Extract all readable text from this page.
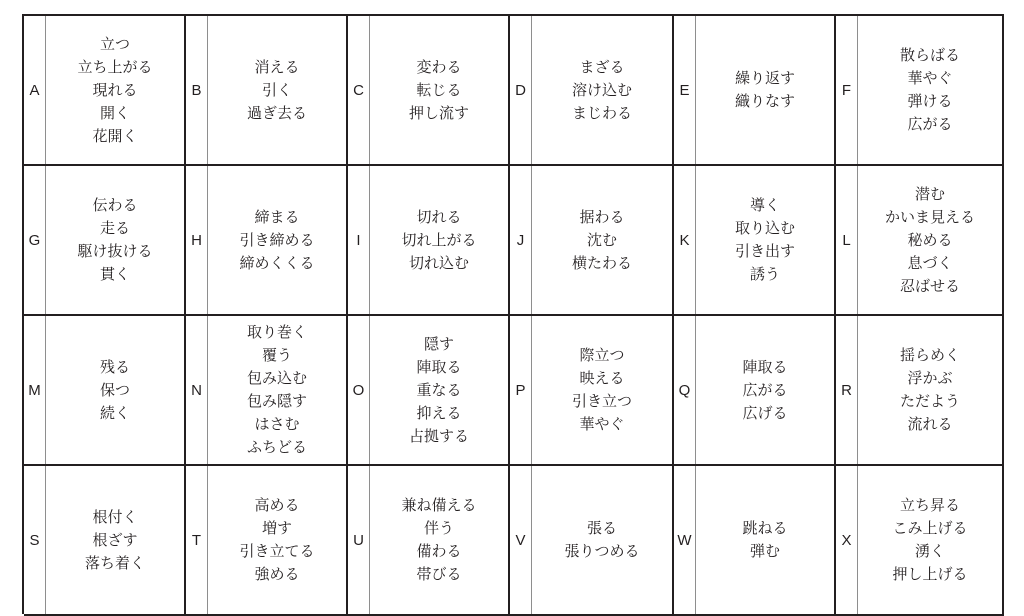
A
立つ
立ち上がる
現れる
開く
花開く
B
消える
引く
過ぎ去る
C
変わる
転じる
押し流す
D
まざる
溶け込む
まじわる
E
繰り返す
織りなす
F
散らばる
華やぐ
弾ける
広がる
G
伝わる
走る
駆け抜ける
貫く
H
締まる
引き締める
締めくくる
I
切れる
切れ上がる
切れ込む
J
据わる
沈む
横たわる
K
導く
取り込む
引き出す
誘う
L
潜む
かいま見える
秘める
息づく
忍ばせる
M
残る
保つ
続く
N
取り巻く
覆う
包み込む
包み隠す
はさむ
ふちどる
O
隠す
陣取る
重なる
抑える
占拠する
P
際立つ
映える
引き立つ
華やぐ
Q
陣取る
広がる
広げる
R
揺らめく
浮かぶ
ただよう
流れる
S
根付く
根ざす
落ち着く
T
高める
増す
引き立てる
強める
U
兼ね備える
伴う
備わる
帯びる
V
張る
張りつめる
W
跳ねる
弾む
X
立ち昇る
こみ上げる
湧く
押し上げる
